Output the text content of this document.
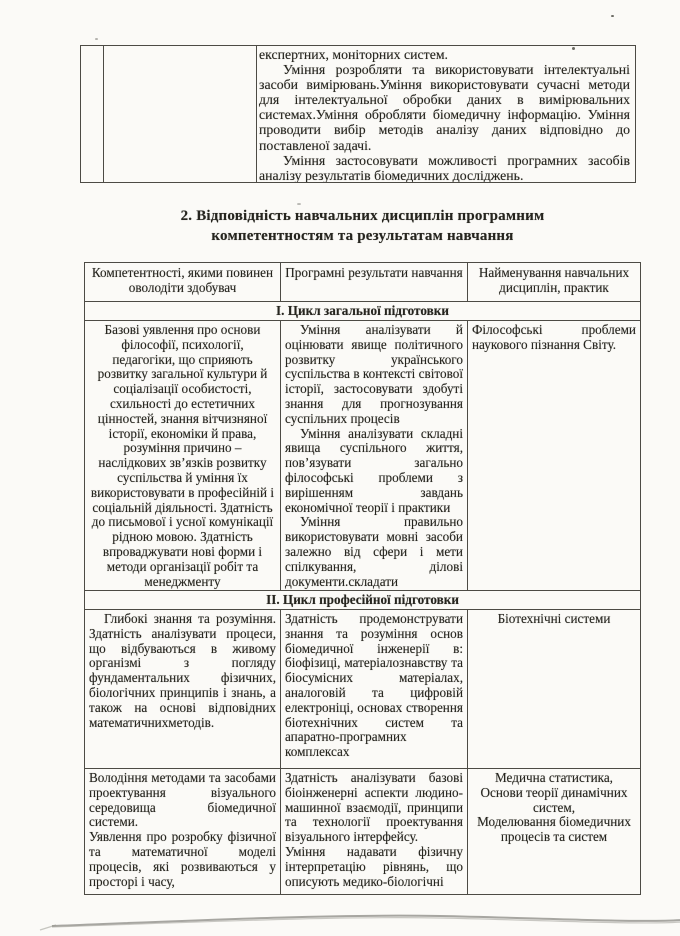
експертних, моніторних систем.

Уміння розробляти та використовувати інтелектуальні засоби вимірювань.Уміння використовувати сучасні методи для інтелектуальної обробки даних в вимірювальних системах.Уміння обробляти біомедичну інформацію. Уміння проводити вибір методів аналізу даних відповідно до поставленої задачі.

Уміння застосовувати можливості програмних засобів аналізу результатів біомедичних досліджень.

2. Відповідність навчальних дисциплін програмним
компетентностям та результатам навчання
Компетентності, якими повинен оволодіти здобувач
Програмні результати навчання	Найменування навчальних дисциплін, практик
І. Цикл загальної підготовки
Базові уявлення про основи філософії, психології, педагогіки, що сприяють розвитку загальної культури й соціалізації особистості, схильності до естетичних цінностей, знання вітчизняної історії, економіки й права, розуміння причино – наслідкових зв’язків розвитку суспільства й уміння їх використовувати в професійній і соціальній діяльності. Здатність до письмової і усної комунікації рідною мовою. Здатність впроваджувати нові форми і методи організації робіт та менеджменту

Уміння аналізувати й оцінювати явище політичного розвитку українського суспільства в контексті світової історії, застосовувати здобуті знання для прогнозування суспільних процесів

Уміння аналізувати складні явища суспільного життя, пов’язувати загально філософські проблеми з вирішенням завдань економічної теорії і практики

Уміння правильно використовувати мовні засоби залежно від сфери і мети спілкування, ділові документи.складати

Філософські проблеми наукового пізнання Світу.
ІІ. Цикл професійної підготовки

Глибокі знання та розуміння. Здатність аналізувати процеси, що відбуваються в живому організмі з погляду фундаментальних фізичних, біологічних принципів і знань, а також на основі відповідних математичнихметодів.

Здатність продемонструвати знання та розуміння основ біомедичної інженерії в: біофізиці, матеріалознавству та біосумісних матеріалах, аналоговій та цифровій електроніці, основах створення біотехнічних систем та апаратно-програмних комплексах

Біотехнічні системи

Володіння методами та засобами проектування візуального середовища біомедичної системи.

Уявлення про розробку фізичної та математичної моделі процесів, які розвиваються у просторі і часу,

Здатність аналізувати базові біоінженерні аспекти людино-машинної взаємодії, принципи та технології проектування візуального інтерфейсу.

Уміння надавати фізичну інтерпретацію рівнянь, що описують медико-біологічні

Медична статистика,

Основи теорії динамічних систем,

Моделювання біомедичних процесів та систем
